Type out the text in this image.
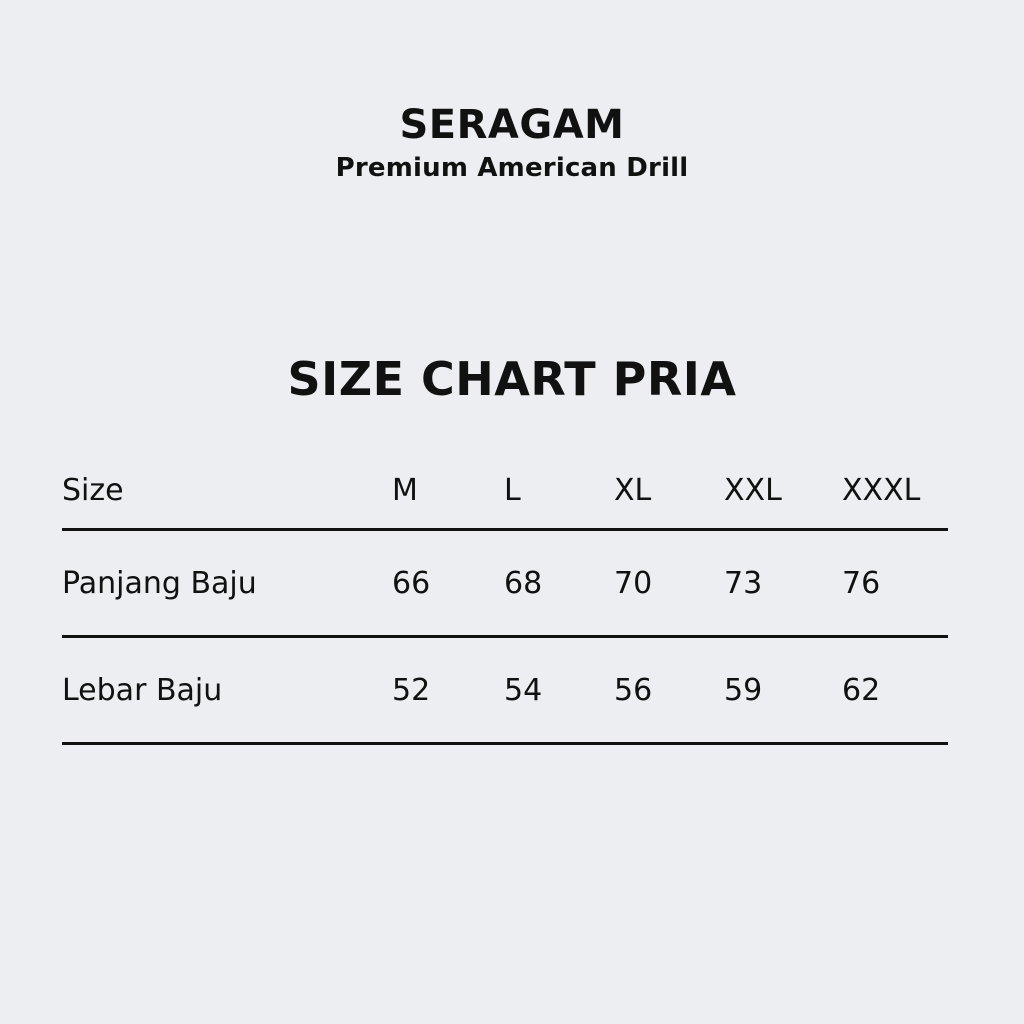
SERAGAM

Premium American Drill

SIZE CHART PRIA
Size	M	L	XL	XXL	XXXL
Panjang Baju	66	68	70	73	76
Lebar Baju	52	54	56	59	62
